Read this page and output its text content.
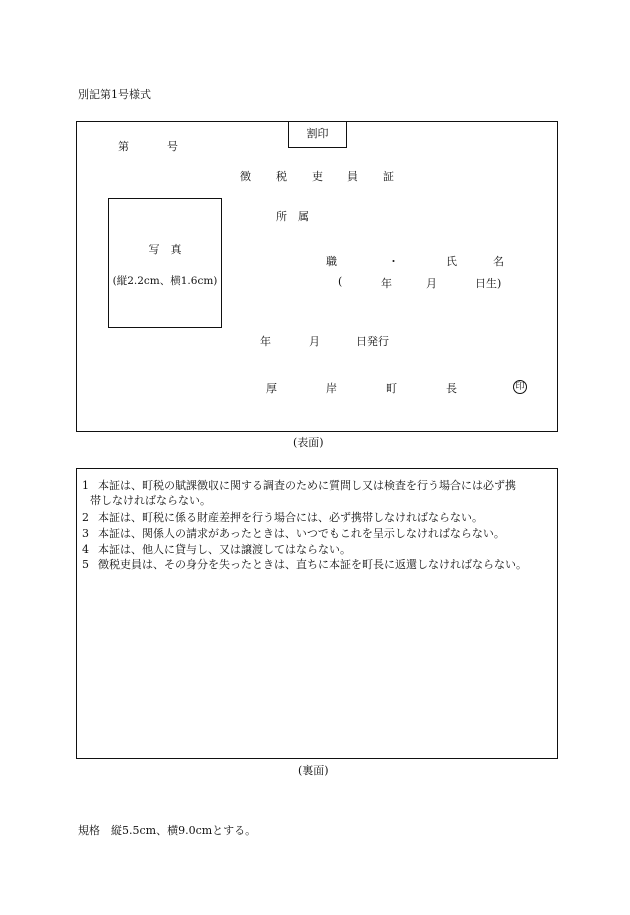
別記第1号様式
割印
第	号
徴 税 吏 員 証
写　真
(縦2.2cm、横1.6cm)
所　属
職	・	氏	名
(	年	月	日生)
年	月	日発行
厚	岸	町	長	印
(表面)
1 本証は、町税の賦課徴収に関する調査のために質問し又は検査を行う場合には必ず携
帯しなければならない。
2 本証は、町税に係る財産差押を行う場合には、必ず携帯しなければならない。
3 本証は、関係人の請求があったときは、いつでもこれを呈示しなければならない。
4 本証は、他人に貸与し、又は譲渡してはならない。
5 徴税吏員は、その身分を失ったときは、直ちに本証を町長に返還しなければならない。
(裏面)
規格　縦5.5cm、横9.0cmとする。
